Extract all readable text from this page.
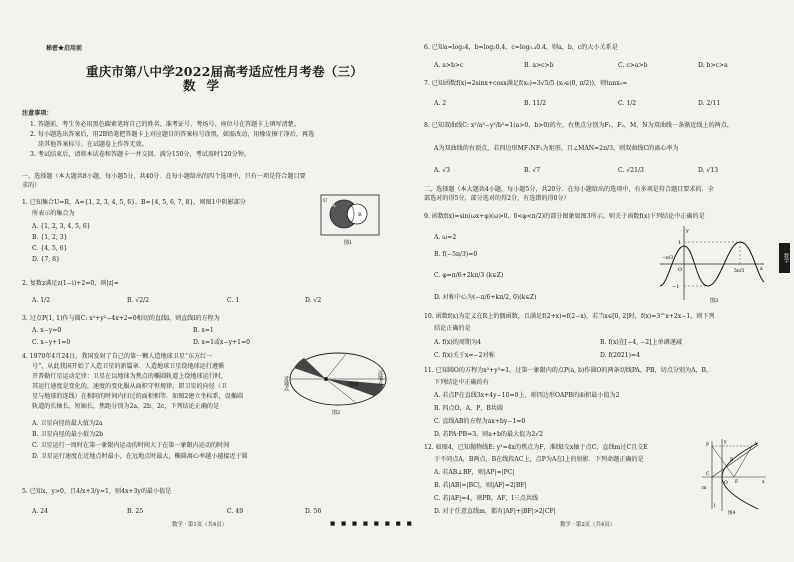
秘密★启用前
重庆市第八中学2022届高考适应性月考卷（三）
数学
注意事项：
1. 答题前，考生务必用黑色碳素笔将自己的姓名、准考证号、考场号、座位号在答题卡上填写清楚。
2. 每小题选出答案后，用2B铅笔把答题卡上对应题目的答案标号涂黑，如需改动，用橡皮擦干净后，再选
涂其他答案标号。在试题卷上作答无效。
3. 考试结束后，请将本试卷和答题卡一并交回。满分150分，考试用时120分钟。
一、选择题（本大题共8小题，每小题5分，共40分．在每小题给出的四个选项中，只有一项是符合题目要
求的）
1. 已知集合U=R，A={1, 2, 3, 4, 5, 6}，B={4, 5, 6, 7, 8}，则图1中阴影部分
所表示的集合为
A. {1, 2, 3, 4, 5, 6}
B. {1, 2, 3}
C. {4, 5, 6}
D. {7, 8}
U
A
B
图1
2. 复数z满足z(1−i)+2=0，则|z|=
A. 1/2	B. √2/2	C. 1	D. √2
3. 过点P(1, 1)作与圆C: x²+y²−4x+2=0相切的直线l，则直线l的方程为
A. x−y=0	B. x=1
C. x−y+1=0	D. x=1或x−y+1=0
4. 1970年4月24日，我国发射了自己的第一颗人造地球卫星“东方红一
号”，从此我国开始了人造卫星的新篇章．人造地球卫星绕地球运行遵循
开普勒行星运动定律：卫星在以地球为焦点的椭圆轨道上绕地球运行时，
其运行速度是变化的，速度的变化服从面积守恒规律，即卫星的向径（卫
星与地球的连线）在相同的时间内扫过的面积相等．如图2建立坐标系，设椭圆
轨道的长轴长、短轴长、焦距分别为2a、2b、2c，下列结论正确的是
近地点	远地点
地球
图2
A. 卫星向径的最大值为2a
B. 卫星向径的最小值为2b
C. 卫星运行一周时在第一象限内运动的时间大于在第一象限内运动的时间
D. 卫星运行速度在近地点时最小，在远地点时最大，椭圆离心率越小越接近于圆
5. 已知x，y>0，且4/x+3/y=1，则4x+3y的最小值是
A. 24	B. 25	C. 49	D. 56
数学 · 第1页（共4页）	■ ■ ■ ■ ■ ■ ■ ■
6. 已知a=log₃4，b=log₂0.4，c=log₀.₄0.4，则a，b，c的大小关系是
A. a>b>c	B. a>c>b	C. c>a>b	D. b>c>a
7. 已知函数f(x)=2sinx+cosx满足f(x₀)=3√5/5 (x₀∈(0, π/2))，则tanx₀=
A. 2	B. 11/2	C. 1/2	D. 2/11
8. 已知双曲线C: x²/a²−y²/b²=1(a>0，b>0)的左、右焦点分别为F₁，F₂，M，N为双曲线一条渐近线上的两点，
A为双曲线的右顶点，若四边形MF₁NF₂为矩形，且∠MAN=2π/3，则双曲线C的离心率为
A. √3	B. √7	C. √21/3	D. √13
二、选择题（本大题共4小题，每小题5分，共20分．在每小题给出的选项中，有多项是符合题目要求的．全
部选对的得5分，部分选对的得2分，有选错的得0分）
9. 函数f(x)=sin(ωx+φ)(ω>0，0<φ<π/2)的部分图象如图3所示，则关于函数f(x)下列结论中正确的是
A. ω=2
B. f(−5π/3)=0
C. φ=π/6+2kπ/3 (k∈Z)
D. 对称中心为(−π/6+kπ/2, 0)(k∈Z)
y
x
O
1
−1
−π/3
5π/3
图3
10. 函数f(x)为定义在R上的偶函数，且满足f(2+x)=f(2−x)，若当x∈[0, 2]时，f(x)=3^x+2x−1，则下列
结论正确的是
A. f(x)的周期为4	B. f(x)在[−4, −2]上单调递减
C. f(x)关于x=−2对称	D. f(2021)=4
11. 已知圆O的方程为x²+y²=1，过第一象限内的点P(a, b)作圆O的两条切线PA，PB，切点分别为A，B，
下列结论中正确的有
A. 若点P在直线3x+4y−10=0上，则四边形OAPB的面积最小值为2
B. 四点O，A，P，B共圆
C. 直线AB的方程为ax+by−1=0
D. 若PA·PB=3，则a+b的最大值为2√2
12. 如图4，已知抛物线E: y²=4x的焦点为F，准线l交x轴于点C，直线m过C且交E
于不同点A，B两点，B在线段AC上，点P为A在l上的射影．下列命题正确的是
A. 若AB⊥BF，则|AP|=|PC|
B. 若|AB|=|BC|，则|AF|=2|BF|
C. 若|AF|=4，则PB，AF，l三点共线
D. 对于任意直线m，都有|AF|+|BF|>2|CF|
y
x
O
m
l
C
A
B
P
F
图4
数学 · 第2页（共4页）
数学
